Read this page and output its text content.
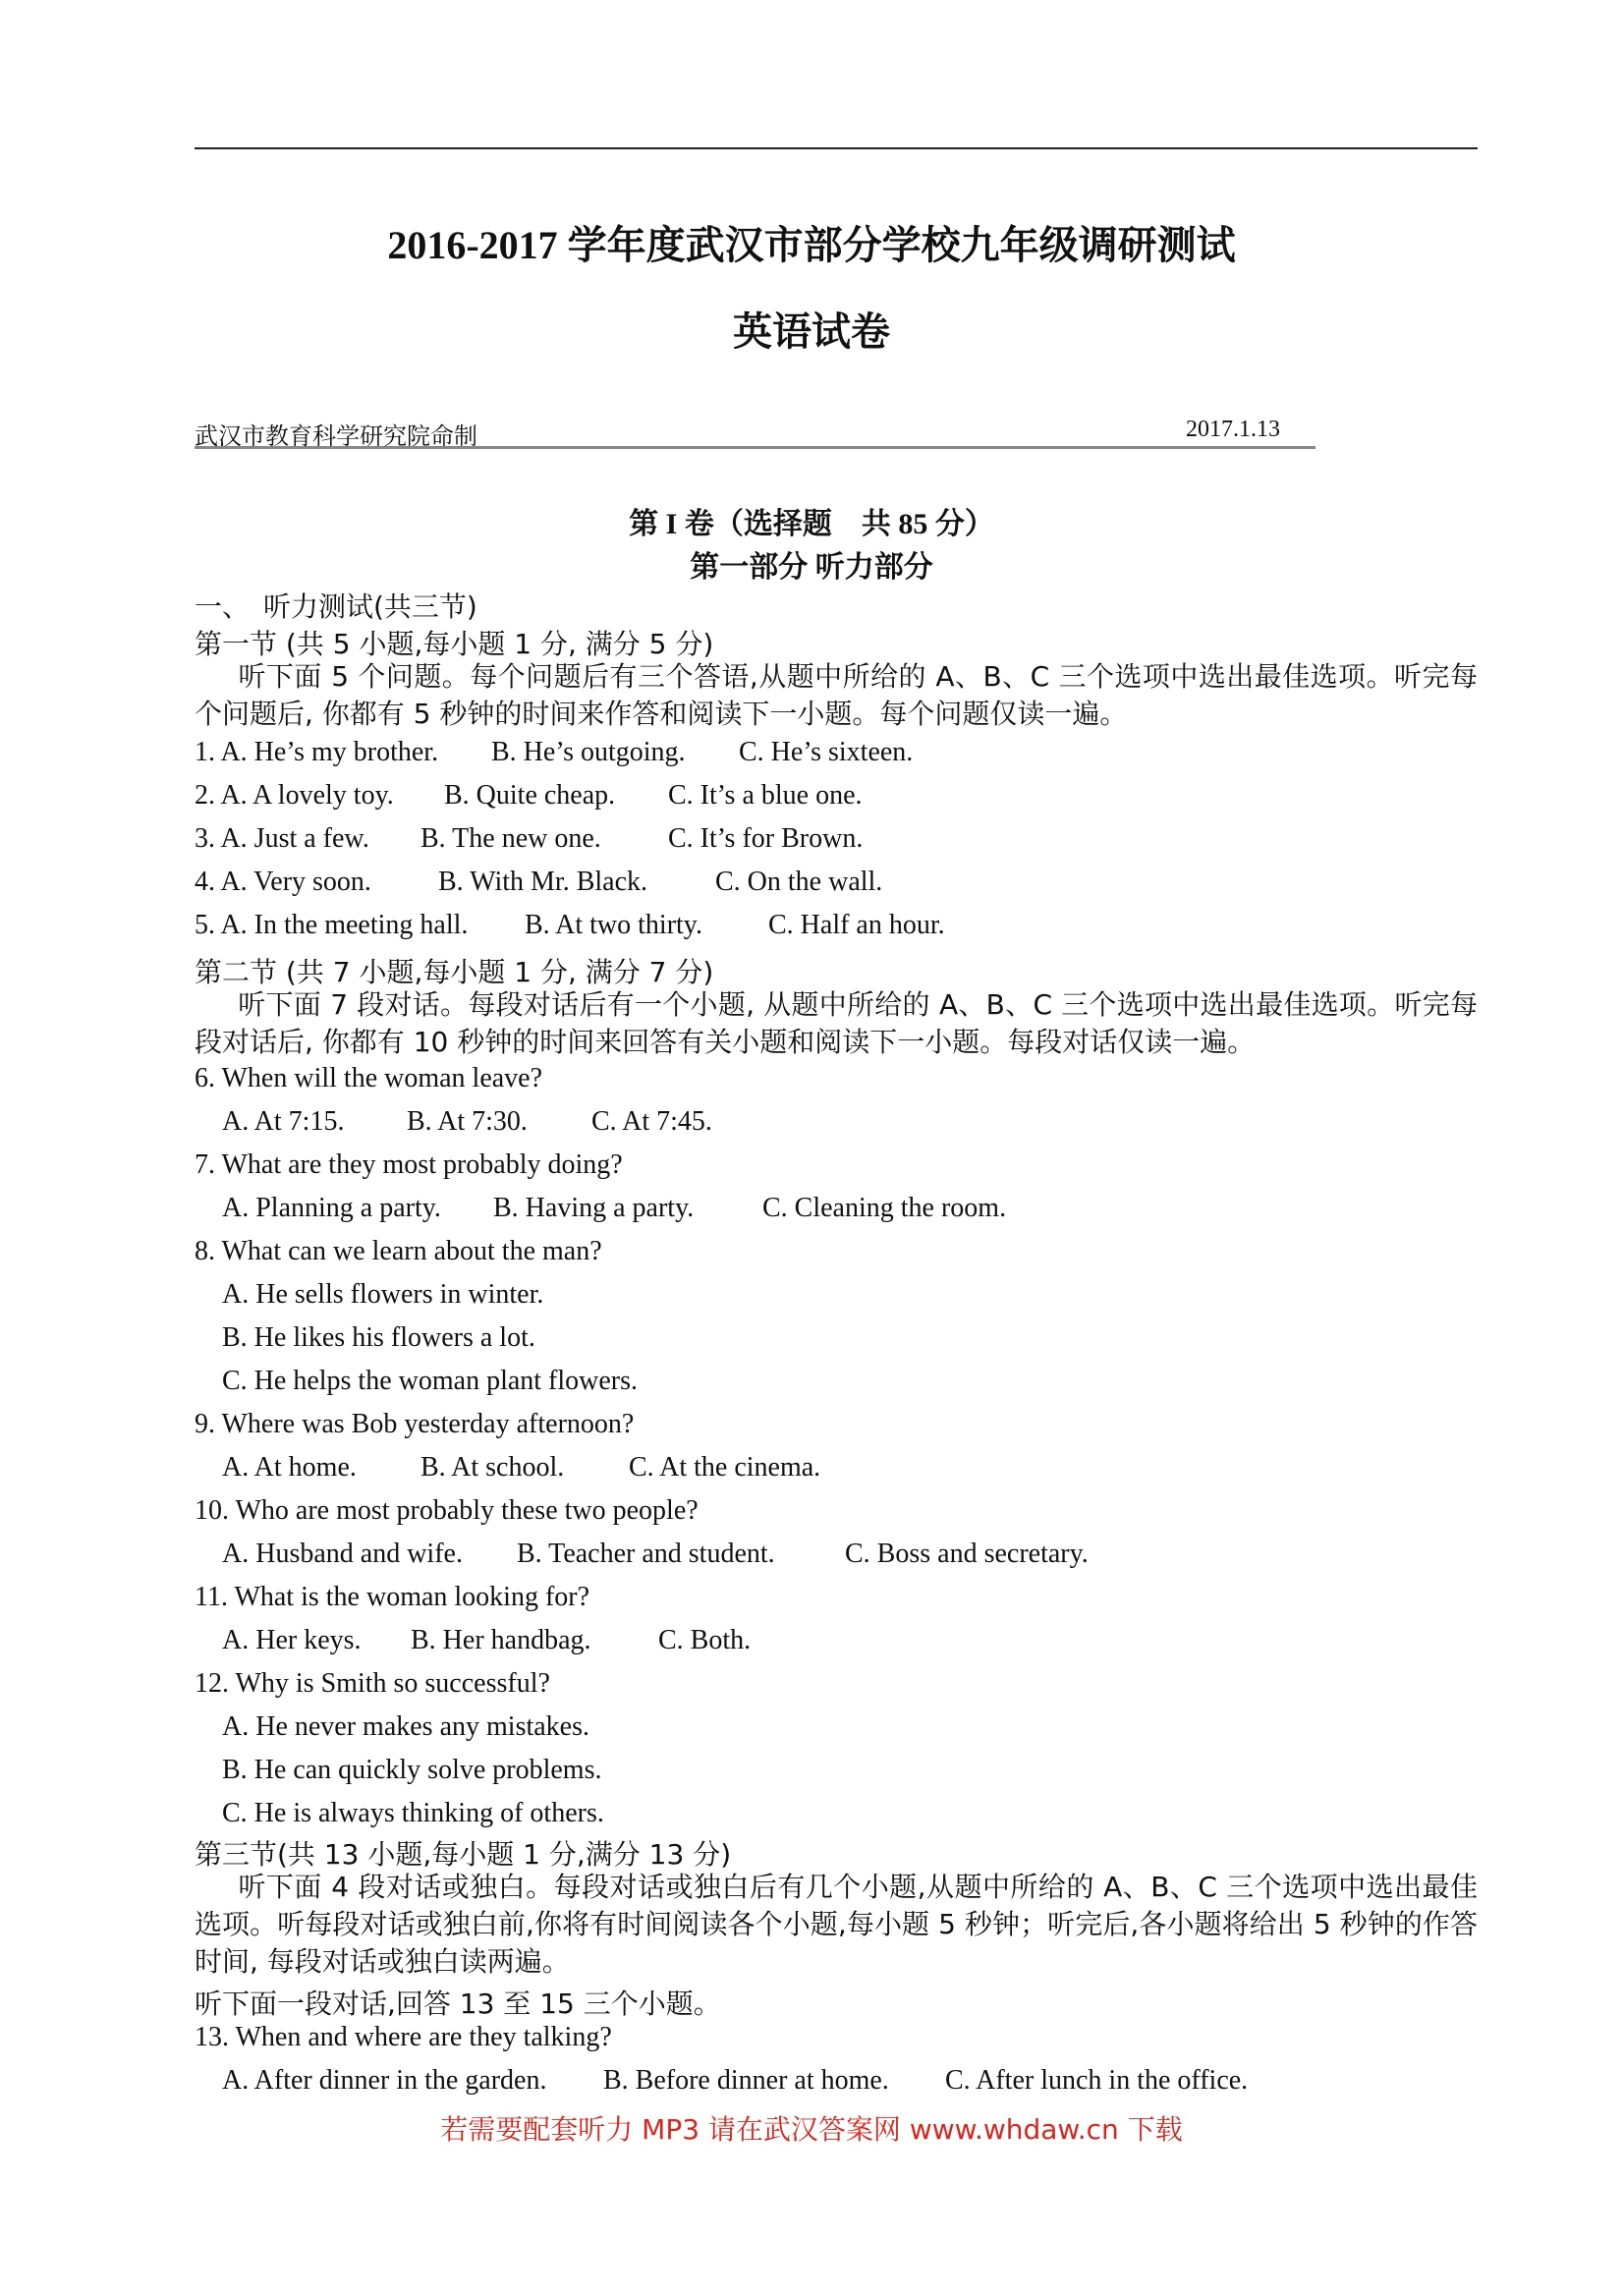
2016-2017 学年度武汉市部分学校九年级调研测试
英语试卷
武汉市教育科学研究院命制	2017.1.13
第 I 卷（选择题　共 85 分）
第一部分 听力部分
一、　听力测试(共三节)
第一节 (共 5 小题,每小题 1 分, 满分 5 分)
听下面 5 个问题。每个问题后有三个答语,从题中所给的 A、B、C 三个选项中选出最佳选项。听完每个问题后, 你都有 5 秒钟的时间来作答和阅读下一小题。每个问题仅读一遍。
1. A. He’s my brother. B. He’s outgoing. C. He’s sixteen.
2. A. A lovely toy. B. Quite cheap. C. It’s a blue one.
3. A. Just a few. B. The new one. C. It’s for Brown.
4. A. Very soon. B. With Mr. Black. C. On the wall.
5. A. In the meeting hall. B. At two thirty. C. Half an hour.
第二节 (共 7 小题,每小题 1 分, 满分 7 分)
听下面 7 段对话。每段对话后有一个小题, 从题中所给的 A、B、C 三个选项中选出最佳选项。听完每段对话后, 你都有 10 秒钟的时间来回答有关小题和阅读下一小题。每段对话仅读一遍。
6. When will the woman leave?
A. At 7:15. B. At 7:30. C. At 7:45.
7. What are they most probably doing?
A. Planning a party. B. Having a party. C. Cleaning the room.
8. What can we learn about the man?
A. He sells flowers in winter.
B. He likes his flowers a lot.
C. He helps the woman plant flowers.
9. Where was Bob yesterday afternoon?
A. At home. B. At school. C. At the cinema.
10. Who are most probably these two people?
A. Husband and wife. B. Teacher and student.	C. Boss and secretary.
11. What is the woman looking for?
A. Her keys. B. Her handbag. C. Both.
12. Why is Smith so successful?
A. He never makes any mistakes.
B. He can quickly solve problems.
C. He is always thinking of others.
第三节(共 13 小题,每小题 1 分,满分 13 分)
听下面 4 段对话或独白。每段对话或独白后有几个小题,从题中所给的 A、B、C 三个选项中选出最佳选项。听每段对话或独白前,你将有时间阅读各个小题,每小题 5 秒钟；听完后,各小题将给出 5 秒钟的作答时间, 每段对话或独白读两遍。
听下面一段对话,回答 13 至 15 三个小题。
13. When and where are they talking?
A. After dinner in the garden. B. Before dinner at home. C. After lunch in the office.
若需要配套听力 MP3 请在武汉答案网 www.whdaw.cn 下载
